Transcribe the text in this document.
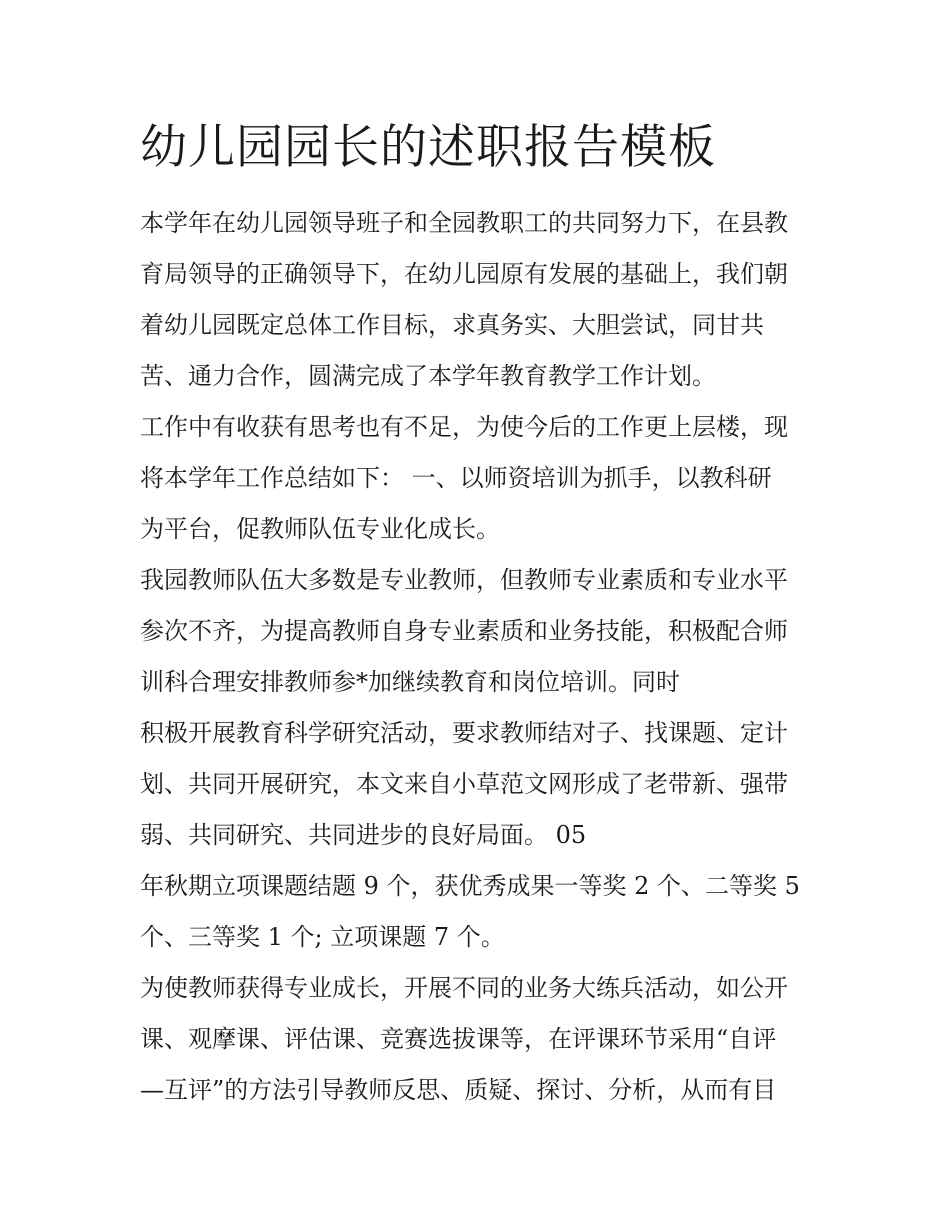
幼儿园园长的述职报告模板
本学年在幼儿园领导班子和全园教职工的共同努力下，在县教
育局领导的正确领导下，在幼儿园原有发展的基础上，我们朝
着幼儿园既定总体工作目标，求真务实、大胆尝试，同甘共
苦、通力合作，圆满完成了本学年教育教学工作计划。
工作中有收获有思考也有不足，为使今后的工作更上层楼，现
将本学年工作总结如下： 一、以师资培训为抓手，以教科研
为平台，促教师队伍专业化成长。
我园教师队伍大多数是专业教师，但教师专业素质和专业水平
参次不齐，为提高教师自身专业素质和业务技能，积极配合师
训科合理安排教师参*加继续教育和岗位培训。同时
积极开展教育科学研究活动，要求教师结对子、找课题、定计
划、共同开展研究，本文来自小草范文网形成了老带新、强带
弱、共同研究、共同进步的良好局面。 05
年秋期立项课题结题 9 个，获优秀成果一等奖 2 个、二等奖 5
个、三等奖 1 个; 立项课题 7 个。
为使教师获得专业成长，开展不同的业务大练兵活动，如公开
课、观摩课、评估课、竞赛选拔课等，在评课环节采用“自评
—互评”的方法引导教师反思、质疑、探讨、分析，从而有目
